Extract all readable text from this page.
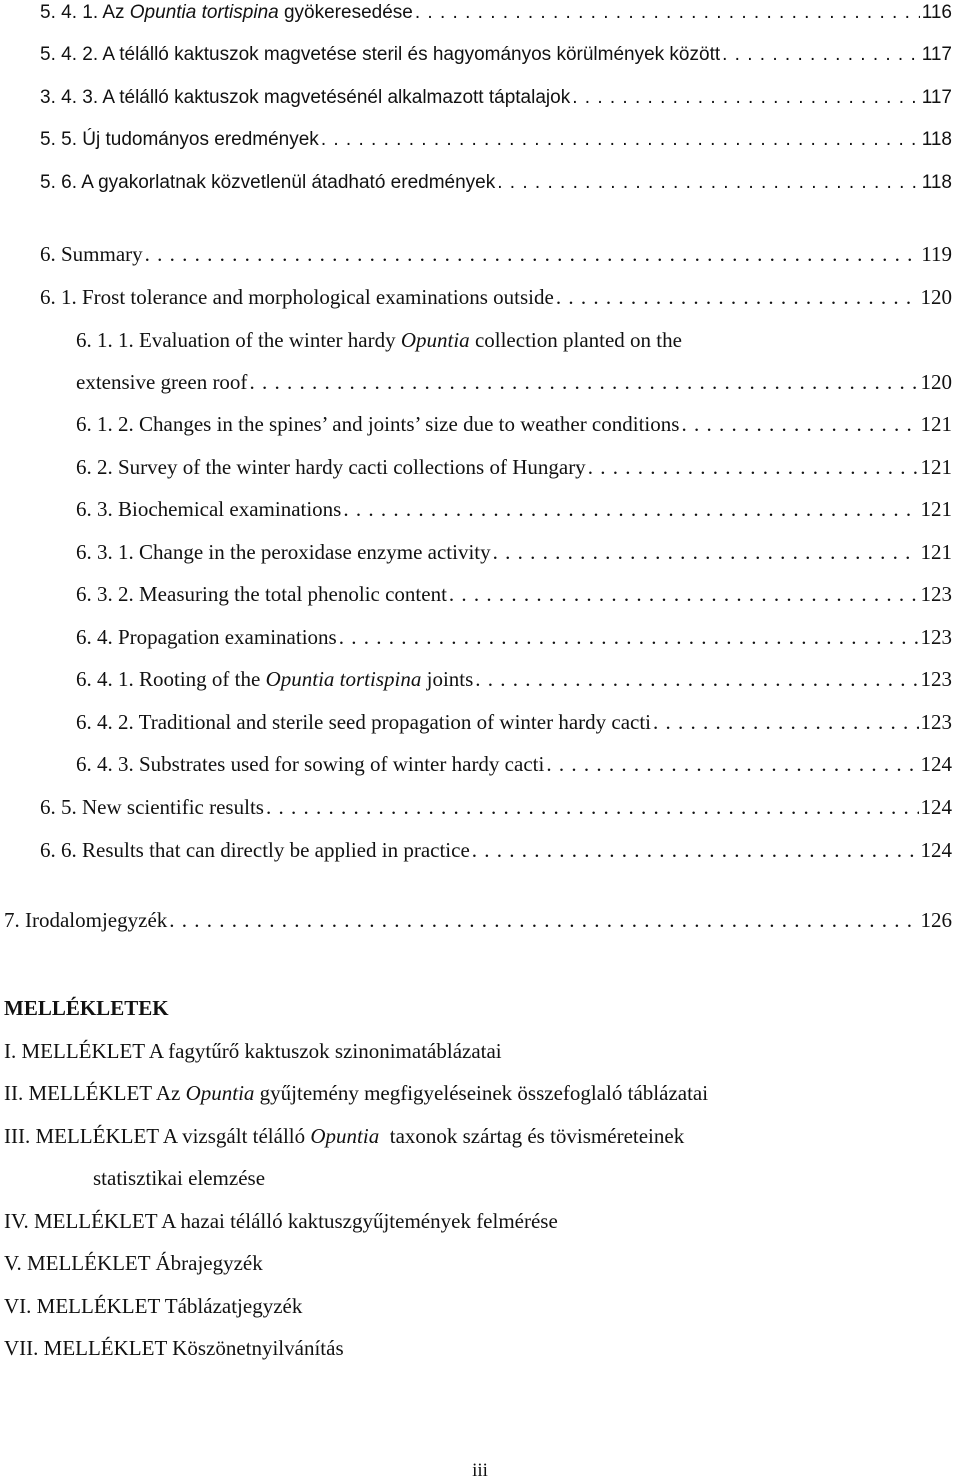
5. 4. 1. Az Opuntia tortispina gyökeresedése . . .	116
5. 4. 2. A télálló kaktuszok magvetése steril és hagyományos körülmények között . . .	117
3. 4. 3. A télálló kaktuszok magvetésénél alkalmazott táptalajok . . .	117
5. 5. Új tudományos eredmények . . .	118
5. 6. A gyakorlatnak közvetlenül átadható eredmények . . .	118
6. Summary . . .	119
6. 1. Frost tolerance and morphological examinations outside . . .	120
6. 1. 1. Evaluation of the winter hardy Opuntia collection planted on the
extensive green roof . . .	120
6. 1. 2. Changes in the spines’ and joints’ size due to weather conditions . . .	121
6. 2. Survey of the winter hardy cacti collections of Hungary . . .	121
6. 3. Biochemical examinations . . .	121
6. 3. 1. Change in the peroxidase enzyme activity . . .	121
6. 3. 2. Measuring the total phenolic content . . .	123
6. 4. Propagation examinations . . .	123
6. 4. 1. Rooting of the Opuntia tortispina joints . . .	123
6. 4. 2. Traditional and sterile seed propagation of winter hardy cacti . . .	123
6. 4. 3. Substrates used for sowing of winter hardy cacti . . .	124
6. 5. New scientific results . . .	124
6. 6. Results that can directly be applied in practice . . .	124
7. Irodalomjegyzék . . .	126
MELLÉKLETEK
I. MELLÉKLET A fagytűrő kaktuszok szinonimatáblázatai
II. MELLÉKLET Az Opuntia gyűjtemény megfigyeléseinek összefoglaló táblázatai
III. MELLÉKLET A vizsgált télálló Opuntia  taxonok szártag és tövisméreteinek
statisztikai elemzése
IV. MELLÉKLET A hazai télálló kaktuszgyűjtemények felmérése
V. MELLÉKLET Ábrajegyzék
VI. MELLÉKLET Táblázatjegyzék
VII. MELLÉKLET Köszönetnyilvánítás
iii
